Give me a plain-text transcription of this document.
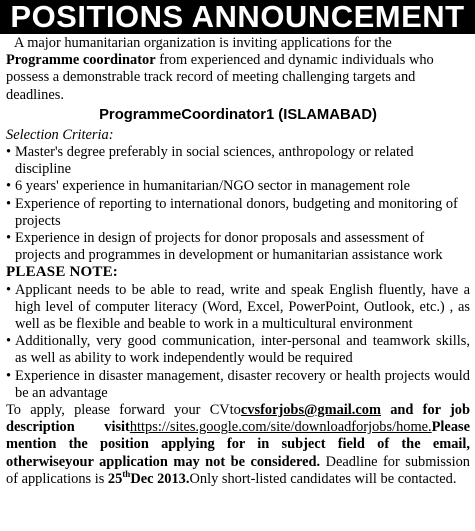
POSITIONS ANNOUNCEMENT

A major humanitarian organization is inviting applications for the
Programme coordinator from experienced and dynamic individuals who possess a demonstrable track record of meeting challenging targets and deadlines.

ProgrammeCoordinator1 (ISLAMABAD)
Selection Criteria:
• Master's degree preferably in social sciences, anthropology or related discipline
• 6 years' experience in humanitarian/NGO sector in management role
• Experience of reporting to international donors, budgeting and monitoring of projects
• Experience in design of projects for donor proposals and assessment of projects and programmes in development or humanitarian assistance work
PLEASE NOTE:
• Applicant needs to be able to read, write and speak English fluently, have a high level of computer literacy (Word, Excel, PowerPoint, Outlook, etc.) , as well as be flexible and beable to work in a multicultural environment
• Additionally, very good communication, inter-personal and teamwork skills, as well as ability to work independently would be required
• Experience in disaster management, disaster recovery or health projects would be an advantage

To apply, please forward your CVtocvsforjobs@gmail.com and for job description visithttps://sites.google.com/site/downloadforjobs/home.Please mention the position applying for in subject field of the email, otherwiseyour application may not be considered. Deadline for submission of applications is 25thDec 2013.Only short-listed candidates will be contacted.
